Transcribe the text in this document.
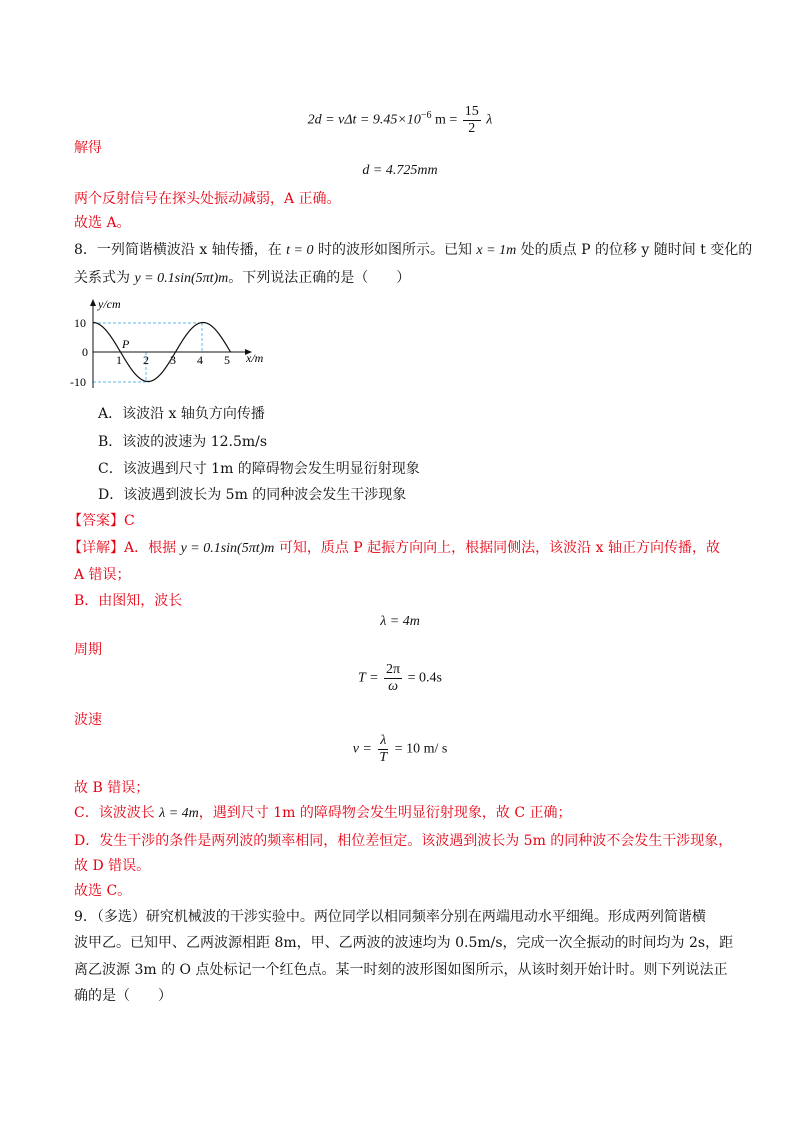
$2d = v\Delta t = 9.45\times 10^{-6}$ $m = \frac{15}{2}$ λ
解得
d = 4.725mm
两个反射信号在探头处振动减弱，A 正确。
故选 A。
8．一列简谐横波沿 x 轴传播，在 t = 0 时的波形如图所示。已知 x = 1m 处的质点 P 的位移 y 随时间 t 变化的
关系式为 y = 0.1sin(5πt)m。下列说法正确的是（　　）
y/cm
x/m
10
0
-10
1 2 3 4 5
P
A．该波沿 x 轴负方向传播
B．该波的波速为 12.5m/s
C．该波遇到尺寸 1m 的障碍物会发生明显衍射现象
D．该波遇到波长为 5m 的同种波会发生干涉现象
【答案】C
【详解】A．根据 y = 0.1sin(5πt)m 可知，质点 P 起振方向向上，根据同侧法，该波沿 x 轴正方向传播，故
A 错误；
B．由图知，波长
λ = 4m
周期
$T = \frac{2\pi}{\omega} = 0.4s$
波速
$v = \frac{\lambda}{T} = 10$ m/ s
故 B 错误；
C．该波波长 λ = 4m，遇到尺寸 1m 的障碍物会发生明显衍射现象，故 C 正确；
D．发生干涉的条件是两列波的频率相同，相位差恒定。该波遇到波长为 5m 的同种波不会发生干涉现象，
故 D 错误。
故选 C。
9．（多选）研究机械波的干涉实验中。两位同学以相同频率分别在两端甩动水平细绳。形成两列简谐横
波甲乙。已知甲、乙两波源相距 8m，甲、乙两波的波速均为 0.5m/s，完成一次全振动的时间均为 2s，距
离乙波源 3m 的 O 点处标记一个红色点。某一时刻的波形图如图所示，从该时刻开始计时。则下列说法正
确的是（　　）
